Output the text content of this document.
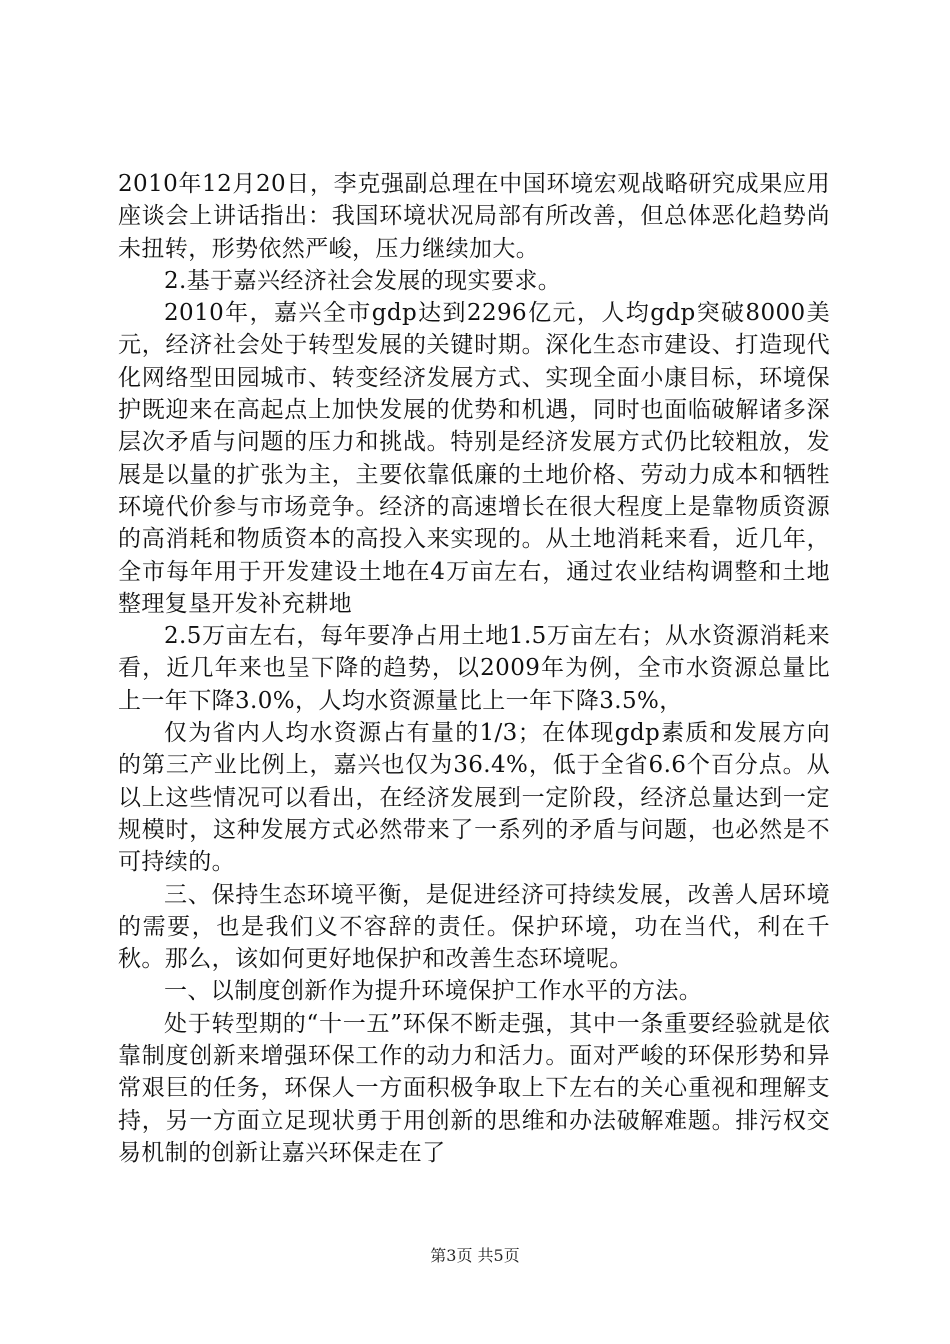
2010年12月20日，李克强副总理在中国环境宏观战略研究成果应用座谈会上讲话指出：我国环境状况局部有所改善，但总体恶化趋势尚未扭转，形势依然严峻，压力继续加大。

2.基于嘉兴经济社会发展的现实要求。

2010年，嘉兴全市gdp达到2296亿元，人均gdp突破8000美元，经济社会处于转型发展的关键时期。深化生态市建设、打造现代化网络型田园城市、转变经济发展方式、实现全面小康目标，环境保护既迎来在高起点上加快发展的优势和机遇，同时也面临破解诸多深层次矛盾与问题的压力和挑战。特别是经济发展方式仍比较粗放，发展是以量的扩张为主，主要依靠低廉的土地价格、劳动力成本和牺牲环境代价参与市场竞争。经济的高速增长在很大程度上是靠物质资源的高消耗和物质资本的高投入来实现的。从土地消耗来看，近几年，全市每年用于开发建设土地在4万亩左右，通过农业结构调整和土地整理复垦开发补充耕地

2.5万亩左右，每年要净占用土地1.5万亩左右；从水资源消耗来看，近几年来也呈下降的趋势，以2009年为例，全市水资源总量比上一年下降3.0%，人均水资源量比上一年下降3.5%，

仅为省内人均水资源占有量的1/3；在体现gdp素质和发展方向的第三产业比例上，嘉兴也仅为36.4%，低于全省6.6个百分点。从以上这些情况可以看出，在经济发展到一定阶段，经济总量达到一定规模时，这种发展方式必然带来了一系列的矛盾与问题，也必然是不可持续的。

三、保持生态环境平衡，是促进经济可持续发展，改善人居环境的需要，也是我们义不容辞的责任。保护环境，功在当代，利在千秋。那么，该如何更好地保护和改善生态环境呢。

一、以制度创新作为提升环境保护工作水平的方法。

处于转型期的“十一五”环保不断走强，其中一条重要经验就是依靠制度创新来增强环保工作的动力和活力。面对严峻的环保形势和异常艰巨的任务，环保人一方面积极争取上下左右的关心重视和理解支持，另一方面立足现状勇于用创新的思维和办法破解难题。排污权交易机制的创新让嘉兴环保走在了

第3页 共5页
